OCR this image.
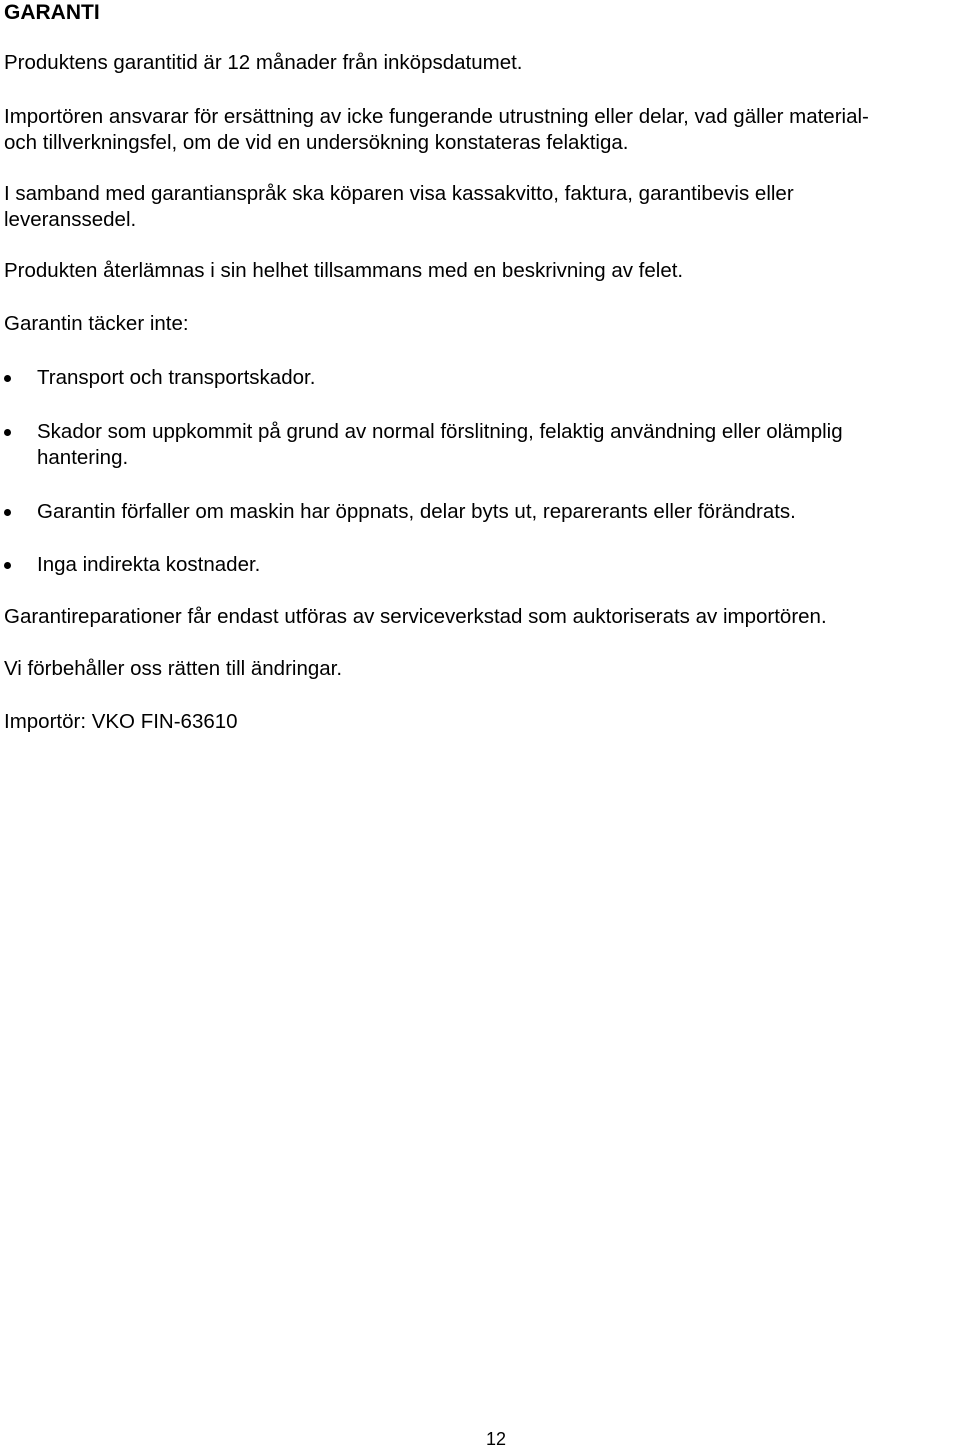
GARANTI
Produktens garantitid är 12 månader från inköpsdatumet.
Importören ansvarar för ersättning av icke fungerande utrustning eller delar, vad gäller material-
och tillverkningsfel, om de vid en undersökning konstateras felaktiga.
I samband med garantianspråk ska köparen visa kassakvitto, faktura, garantibevis eller
leveranssedel.
Produkten återlämnas i sin helhet tillsammans med en beskrivning av felet.
Garantin täcker inte:
Transport och transportskador.
Skador som uppkommit på grund av normal förslitning, felaktig användning eller olämplig
hantering.
Garantin förfaller om maskin har öppnats, delar byts ut, reparerants eller förändrats.
Inga indirekta kostnader.
Garantireparationer får endast utföras av serviceverkstad som auktoriserats av importören.
Vi förbehåller oss rätten till ändringar.
Importör: VKO FIN-63610
12
